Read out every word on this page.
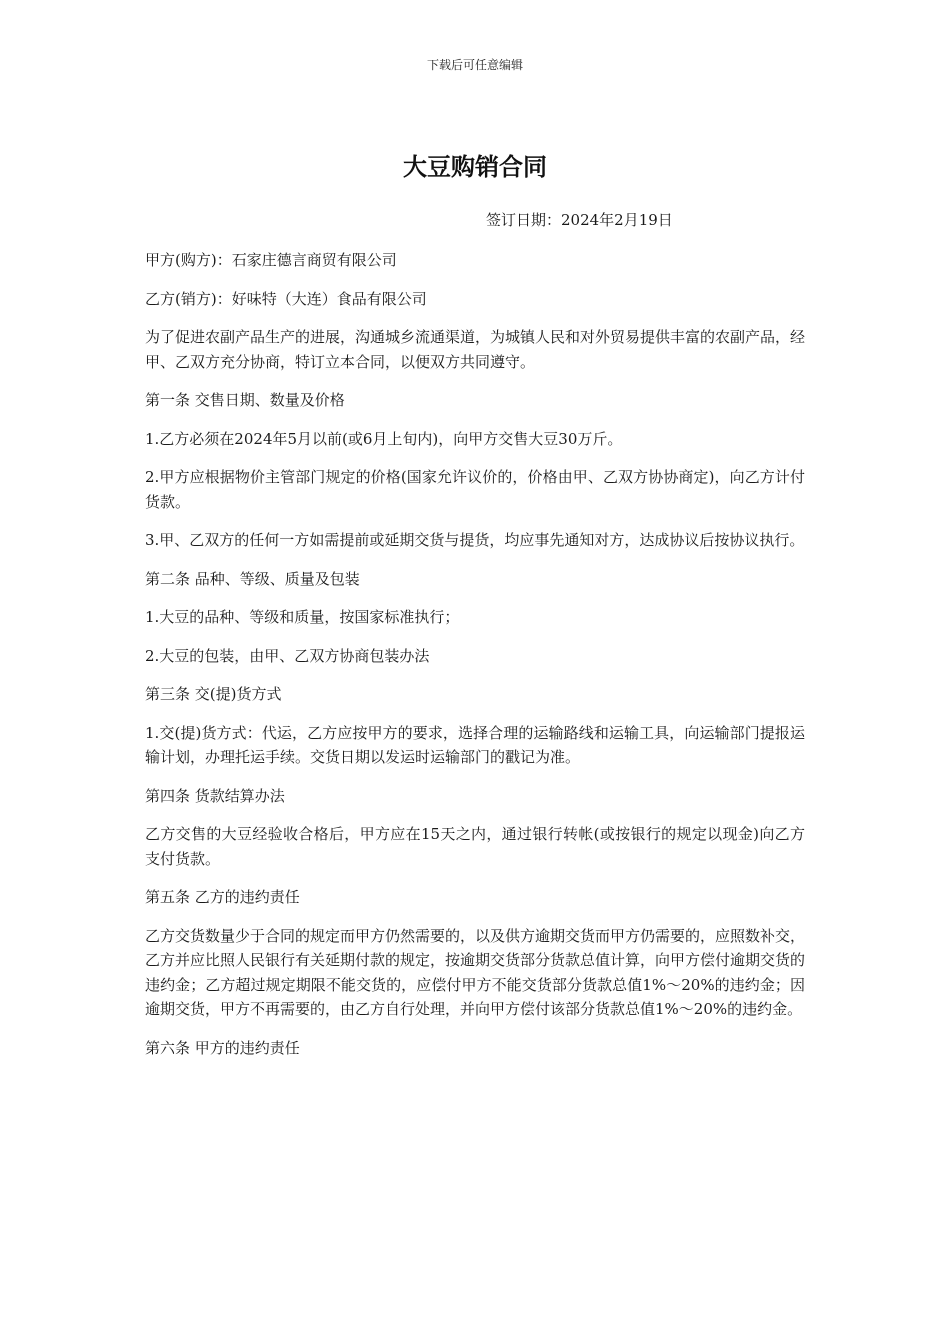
下载后可任意编辑
大豆购销合同
签订日期：2024年2月19日

甲方(购方)：石家庄德言商贸有限公司

乙方(销方)：好味特（大连）食品有限公司

为了促进农副产品生产的进展，沟通城乡流通渠道，为城镇人民和对外贸易提供丰富的农副产品，经甲、乙双方充分协商，特订立本合同，以便双方共同遵守。

第一条 交售日期、数量及价格

1.乙方必须在2024年5月以前(或6月上旬内)，向甲方交售大豆30万斤。

2.甲方应根据物价主管部门规定的价格(国家允许议价的，价格由甲、乙双方协协商定)，向乙方计付货款。

3.甲、乙双方的任何一方如需提前或延期交货与提货，均应事先通知对方，达成协议后按协议执行。

第二条 品种、等级、质量及包装

1.大豆的品种、等级和质量，按国家标准执行；

2.大豆的包装，由甲、乙双方协商包装办法

第三条 交(提)货方式

1.交(提)货方式：代运，乙方应按甲方的要求，选择合理的运输路线和运输工具，向运输部门提报运输计划，办理托运手续。交货日期以发运时运输部门的戳记为准。

第四条 货款结算办法

乙方交售的大豆经验收合格后，甲方应在15天之内，通过银行转帐(或按银行的规定以现金)向乙方支付货款。

第五条 乙方的违约责任

乙方交货数量少于合同的规定而甲方仍然需要的，以及供方逾期交货而甲方仍需要的，应照数补交，乙方并应比照人民银行有关延期付款的规定，按逾期交货部分货款总值计算，向甲方偿付逾期交货的违约金；乙方超过规定期限不能交货的，应偿付甲方不能交货部分货款总值1%～20%的违约金；因逾期交货，甲方不再需要的，由乙方自行处理，并向甲方偿付该部分货款总值1%～20%的违约金。

第六条 甲方的违约责任
